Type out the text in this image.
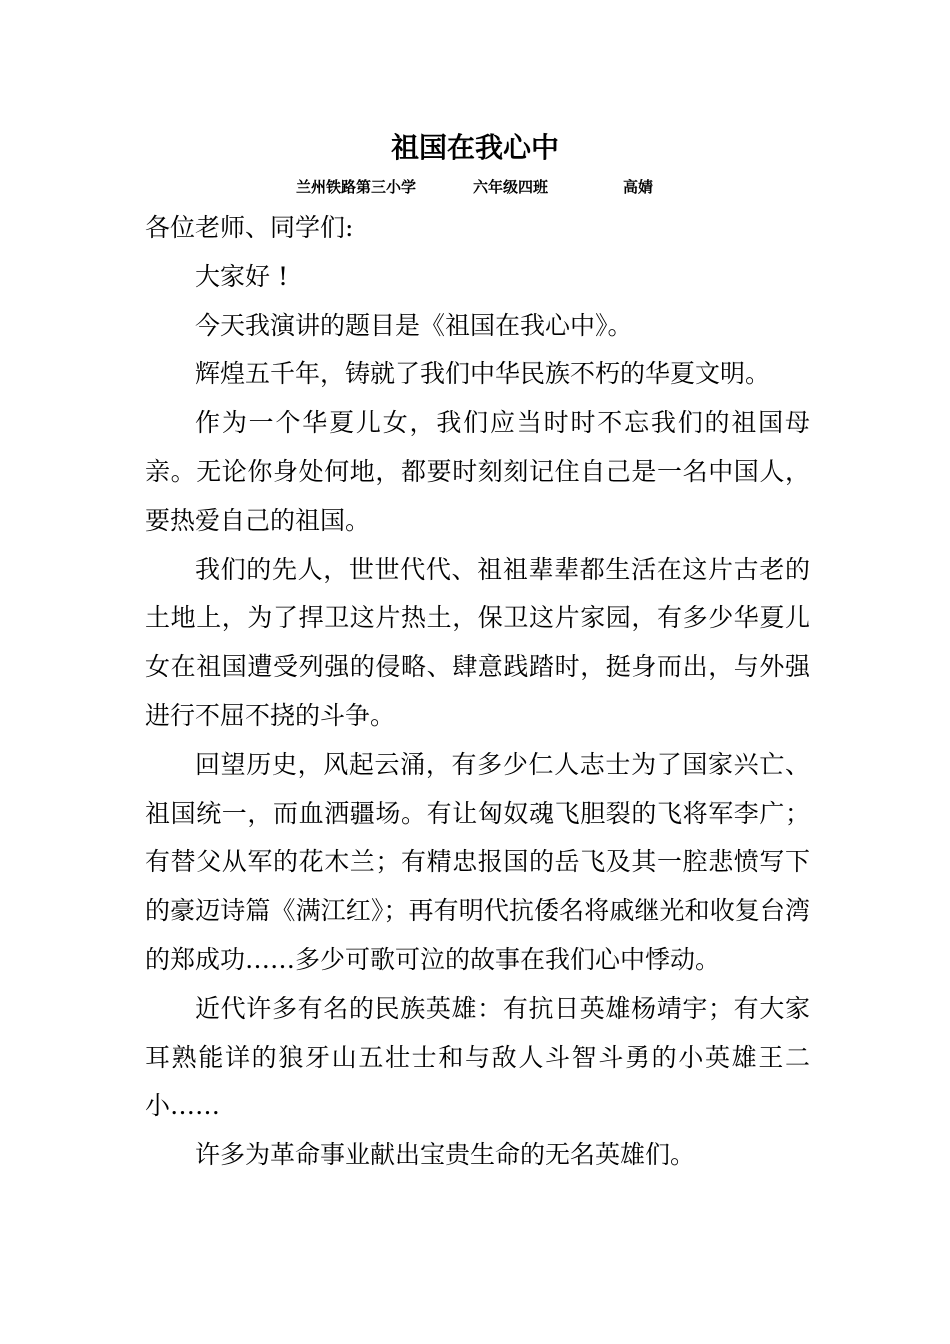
祖国在我心中
兰州铁路第三小学	六年级四班	高婧

各位老师、同学们:

大家好 !

今天我演讲的题目是《祖国在我心中》。

辉煌五千年，铸就了我们中华民族不朽的华夏文明。

作为一个华夏儿女，我们应当时时不忘我们的祖国母亲。无论你身处何地，都要时刻刻记住自己是一名中国人，要热爱自己的祖国。

我们的先人，世世代代、祖祖辈辈都生活在这片古老的土地上，为了捍卫这片热土，保卫这片家园，有多少华夏儿女在祖国遭受列强的侵略、肆意践踏时，挺身而出，与外强进行不屈不挠的斗争。

回望历史，风起云涌，有多少仁人志士为了国家兴亡、祖国统一，而血洒疆场。有让匈奴魂飞胆裂的飞将军李广；有替父从军的花木兰；有精忠报国的岳飞及其一腔悲愤写下的豪迈诗篇《满江红》；再有明代抗倭名将戚继光和收复台湾的郑成功……多少可歌可泣的故事在我们心中悸动。

近代许多有名的民族英雄：有抗日英雄杨靖宇；有大家耳熟能详的狼牙山五壮士和与敌人斗智斗勇的小英雄王二小……

许多为革命事业献出宝贵生命的无名英雄们。
